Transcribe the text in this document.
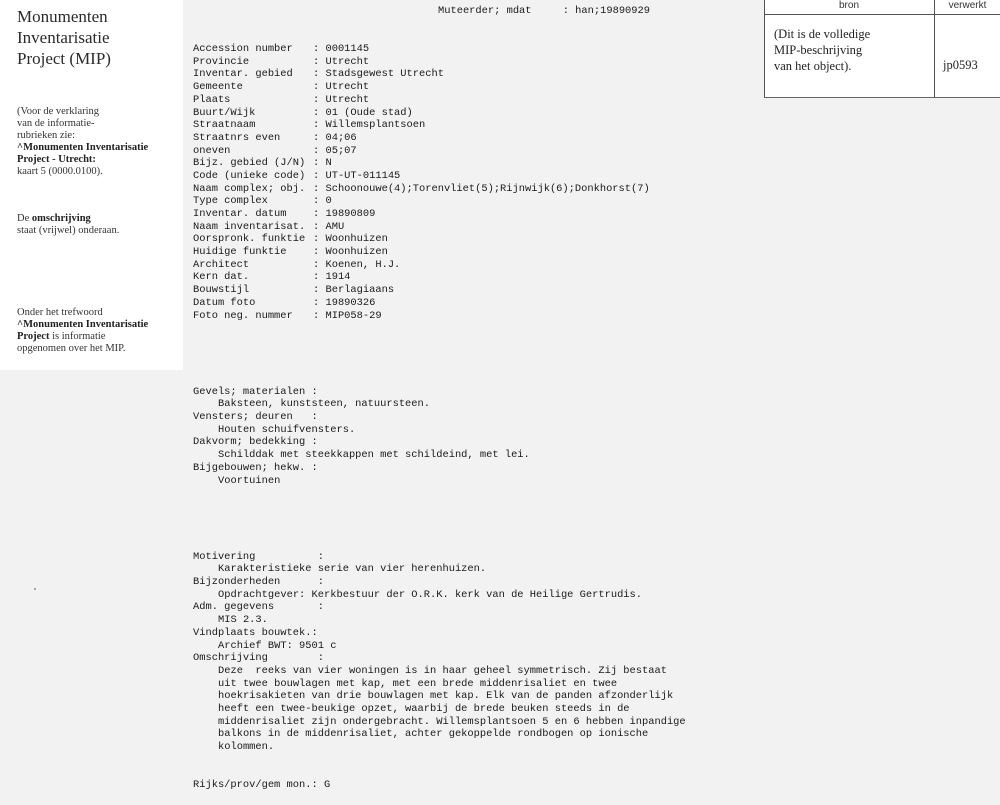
Monumenten
Inventarisatie
Project (MIP)
(Voor de verklaring
van de informatie-
rubrieken zie:
^Monumenten Inventarisatie
Project - Utrecht:
kaart 5 (0000.0100).
De omschrijving
staat (vrijwel) onderaan.
Onder het trefwoord
^Monumenten Inventarisatie
Project is informatie
opgenomen over het MIP.
bron	verwerkt
(Dit is de volledige
MIP-beschrijving
van het object).	jp0593

Muteerder; mdat     : han;19890929

Accession number : 0001145
Provincie	: Utrecht
Inventar. gebied : Stadsgewest Utrecht
Gemeente	: Utrecht
Plaats	: Utrecht
Buurt/Wijk	: 01 (Oude stad)
Straatnaam	: Willemsplantsoen
Straatnrs even	: 04;06
oneven	: 05;07
Bijz. gebied (J/N) : N
Code (unieke code) : UT-UT-011145
Naam complex; obj. : Schoonouwe(4);Torenvliet(5);Rijnwijk(6);Donkhorst(7)
Type complex	: 0
Inventar. datum	: 19890809
Naam inventarisat. : AMU
Oorspronk. funktie : Woonhuizen
Huidige funktie	: Woonhuizen
Architect	: Koenen, H.J.
Kern dat.	: 1914
Bouwstijl	: Berlagiaans
Datum foto	: 19890326
Foto neg. nummer : MIP058-29

Gevels; materialen :
Baksteen, kunststeen, natuursteen.
Vensters; deuren   :
Houten schuifvensters.
Dakvorm; bedekking :
Schilddak met steekkappen met schildeind, met lei.
Bijgebouwen; hekw. :
Voortuinen

Motivering          :
Karakteristieke serie van vier herenhuizen.
Bijzonderheden      :
Opdrachtgever: Kerkbestuur der O.R.K. kerk van de Heilige Gertrudis.
Adm. gegevens       :
MIS 2.3.
Vindplaats bouwtek.:
Archief BWT: 9501 c
Omschrijving        :
Deze  reeks van vier woningen is in haar geheel symmetrisch. Zij bestaat
uit twee bouwlagen met kap, met een brede middenrisaliet en twee
hoekrisakieten van drie bouwlagen met kap. Elk van de panden afzonderlijk
heeft een twee-beukige opzet, waarbij de brede beuken steeds in de
middenrisaliet zijn ondergebracht. Willemsplantsoen 5 en 6 hebben inpandige
balkons in de middenrisaliet, achter gekoppelde rondbogen op ionische
kolommen.

Rijks/prov/gem mon.: G
